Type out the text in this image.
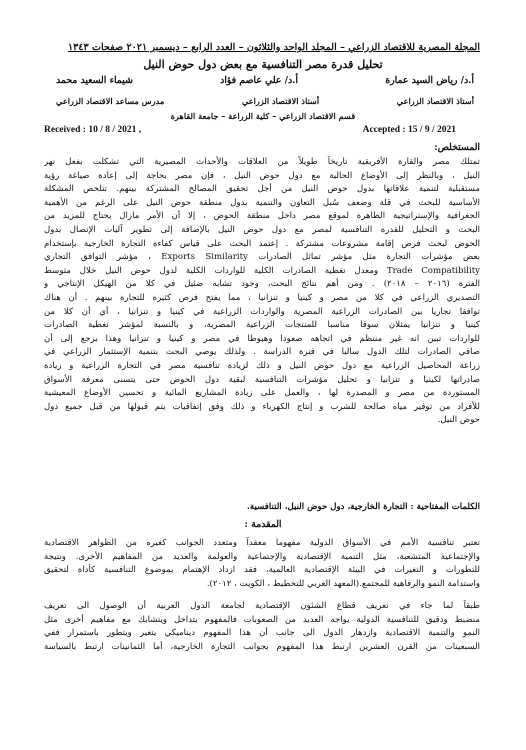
المجلة المصرية للاقتصاد الزراعي – المجلد الواحد والثلاثون – العدد الرابع – ديسمبر ٢٠٢١ صفحات ١٣٤٣
تحليل قدرة مصر التنافسية مع بعض دول حوض النيل
أ.د/ رياض السيد عمارة
أ.د/ علي عاصم فؤاد
شيماء السعيد محمد
أستاذ الاقتصاد الزراعي
أستاذ الاقتصاد الزراعي
مدرس مساعد الاقتصاد الزراعي
قسم الاقتصاد الزراعي – كلية الزراعة – جامعة القاهرة
Received : 10 / 8 / 2021 ,	Accepted : 15 / 9 / 2021
المستخلص:
تمتلك مصر والقارة الأفريقية تاريخاً طويلاً من العلاقات والأحداث المصيرية التي تشكلت بفعل نهر
النيل ، وبالنظر إلى الأوضاع الحالية مع دول حوض النيل ، فإن مصر بحاجة إلى إعادة صياغة رؤية
مستقبلية لتنمية علاقاتها بدول حوض النيل من أجل تحقيق المصالح المشتركة بينهم. تتلخص المشكلة
الأساسية للبحث في قلة وضعف سُبل التعاون والتنمية بدول منطقة حوض النيل على الرغم من الأهمية
الجغرافية والإستراتيجية الظاهرة لموقع مصر داخل منطقة الحوض ، إلا أن الأمر مازال يحتاج للمزيد من
البحث و التحليل للقدرة التنافسية لمصر مع دول حوض النيل بالإضافة إلى تطوير آليات الإتصال بدول
الحوض لبحث فرص إقامة مشروعات مشتركة . إعتمد البحث على قياس كفاءة التجارة الخارجية بإستخدام
بعض مؤشرات التجارة مثل مؤشر تماثل الصادرات Exports Similarity ، مؤشر التوافق التجاري
Trade Compatibility ومعدل تغطية الصادرات الكلية للواردات الكلية لدول حوض النيل خلال متوسط
الفترة (٢٠١٦ – ٢٠١٨) . ومن أهم نتائج البحث، وجود تشابه ضئيل في كلا من الهيكل الإنتاجي و
التصديري الزراعي في كلا من مصر و كينيا و تنزانيا ، مما يفتح فرص كثيرة للتجارة بينهم . أن هناك
توافقا تجاريا بين الصادرات الزراعية المصرية والواردات الزراعية في كينيا و تنزانيا ، أي أن كلا من
كينيا و تنزانيا يمثلان سوقا مناسبا للمنتجات الزراعية المصرية، و بالنسبة لمؤشر تغطية الصادرات
للواردات تبين انه غير منتظم في اتجاهه صعودا وهبوطا في مصر و كينيا و تنزانيا وهذا يرجع إلى أن
صافي الصادرات لتلك الدول سالبا في فترة الدراسة . ولذلك يوصي البحث بتنمية الإستثمار الزراعي في
زراعة المحاصيل الزراعية مع دول حوض النيل و ذلك لزيادة تنافسية مصر في التجارة الزراعية و زيادة
صادراتها لكينيا و تنزانيا و تحليل مؤشرات التنافسية لبقية دول الحوض حتى يتسنى معرفة الأسواق
المستوردة من مصر و المصدرة لها ، والعمل على زيادة المشاريع المائية و تحسين الأوضاع المعيشية
للأفراد من توفير مياه صالحة للشرب و إنتاج الكهرباء و ذلك وفق إتفاقيات يتم قبولها من قبل جميع دول
حوض النيل.
الكلمات المفتاحية : التجارة الخارجية، دول حوض النيل، التنافسية.
المقدمة :
تعتبر تنافسية الأمم في الأسواق الدولية مفهوما معقداً ومتعدد الجوانب كغيره من الظواهر الاقتصادية
والإجتماعية المتشعبة، مثل التنمية الإقتصادية والإجتماعية والعولمة والعديد من المفاهيم الأخرى. ونتيجة
للتطورات و التغيرات في البيئة الإقتصادية العالمية، فقد ازداد الإهتمام بموضوع التنافسية كأداة لتحقيق
واستدامة النمو والرفاهية للمجتمع.(المعهد العربي للتخطيط ، الكويت ، ٢٠١٢).
طبقاً لما جاء في تعريف قطاع الشئون الإقتصادية لجامعة الدول العربية أن الوصول الى تعريف
منضبط ودقيق للتنافسية الدولية يواجه العديد من الصعوبات فالمفهوم يتداخل ويتشابك مع مفاهيم أخرى مثل
النمو والتنمية الاقتصادية وازدهار الدول الى جانب أن هذا المفهوم ديناميكي يتغير ويتطور باستمرار ففي
السبعينات من القرن العشرين ارتبط هذا المفهوم بجوانب التجارة الخارجية، أما الثمانينات ارتبط بالسياسة
